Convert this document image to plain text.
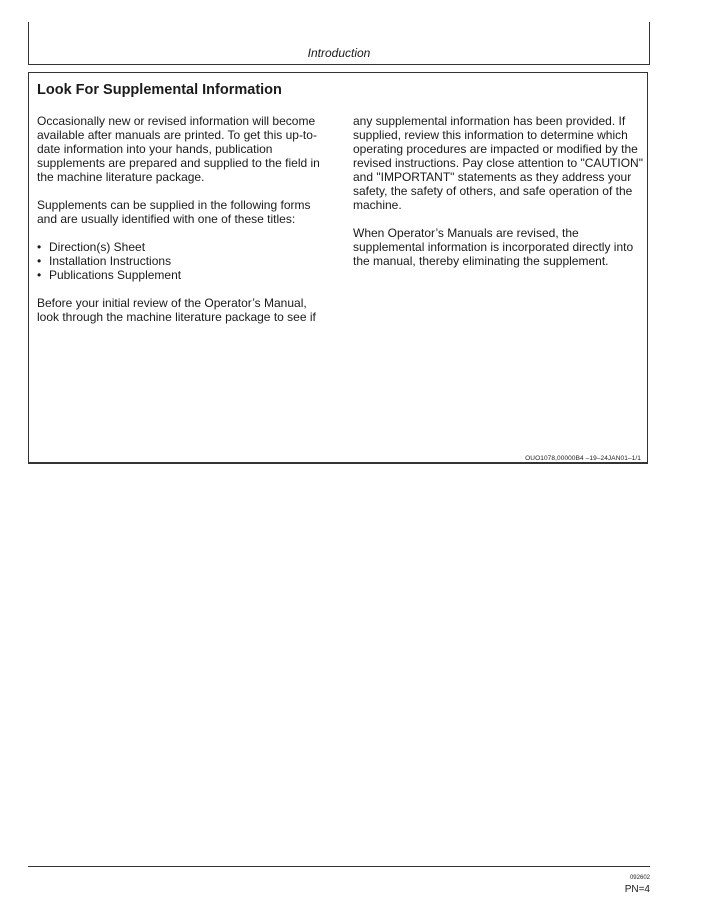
Introduction
Look For Supplemental Information

Occasionally new or revised information will become available after manuals are printed. To get this up-to-date information into your hands, publication supplements are prepared and supplied to the field in the machine literature package.

Supplements can be supplied in the following forms and are usually identified with one of these titles:

• Direction(s) Sheet
• Installation Instructions
• Publications Supplement

Before your initial review of the Operator’s Manual, look through the machine literature package to see if

any supplemental information has been provided. If supplied, review this information to determine which operating procedures are impacted or modified by the revised instructions. Pay close attention to "CAUTION" and "IMPORTANT" statements as they address your safety, the safety of others, and safe operation of the machine.

When Operator’s Manuals are revised, the supplemental information is incorporated directly into the manual, thereby eliminating the supplement.

OUO1078,00000B4 –19–24JAN01–1/1
092602
PN=4
